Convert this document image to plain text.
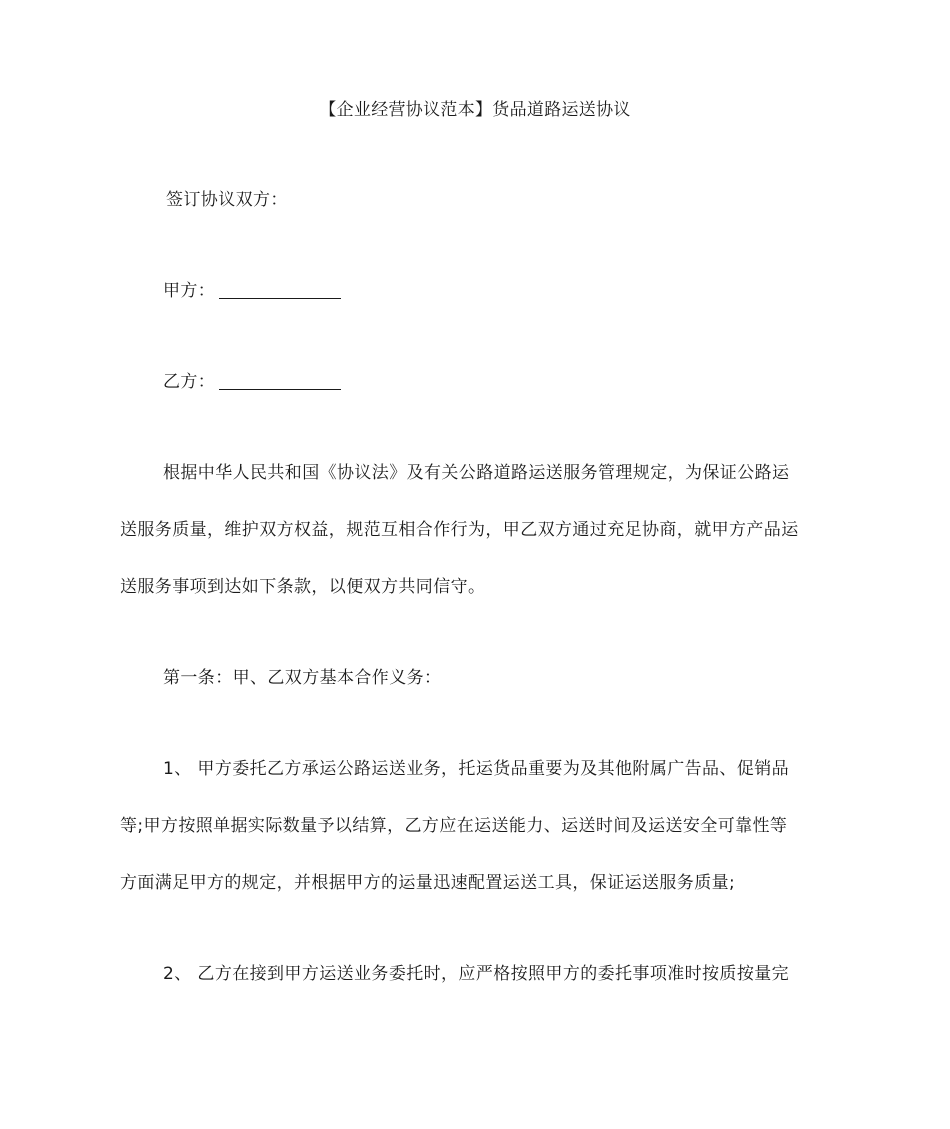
【企业经营协议范本】货品道路运送协议
签订协议双方：
甲方：
乙方：
根据中华人民共和国《协议法》及有关公路道路运送服务管理规定，为保证公路运
送服务质量，维护双方权益，规范互相合作行为，甲乙双方通过充足协商，就甲方产品运
送服务事项到达如下条款，以便双方共同信守。
第一条：甲、乙双方基本合作义务：
1、 甲方委托乙方承运公路运送业务，托运货品重要为及其他附属广告品、促销品
等;甲方按照单据实际数量予以结算，乙方应在运送能力、运送时间及运送安全可靠性等
方面满足甲方的规定，并根据甲方的运量迅速配置运送工具，保证运送服务质量;
2、 乙方在接到甲方运送业务委托时，应严格按照甲方的委托事项准时按质按量完
